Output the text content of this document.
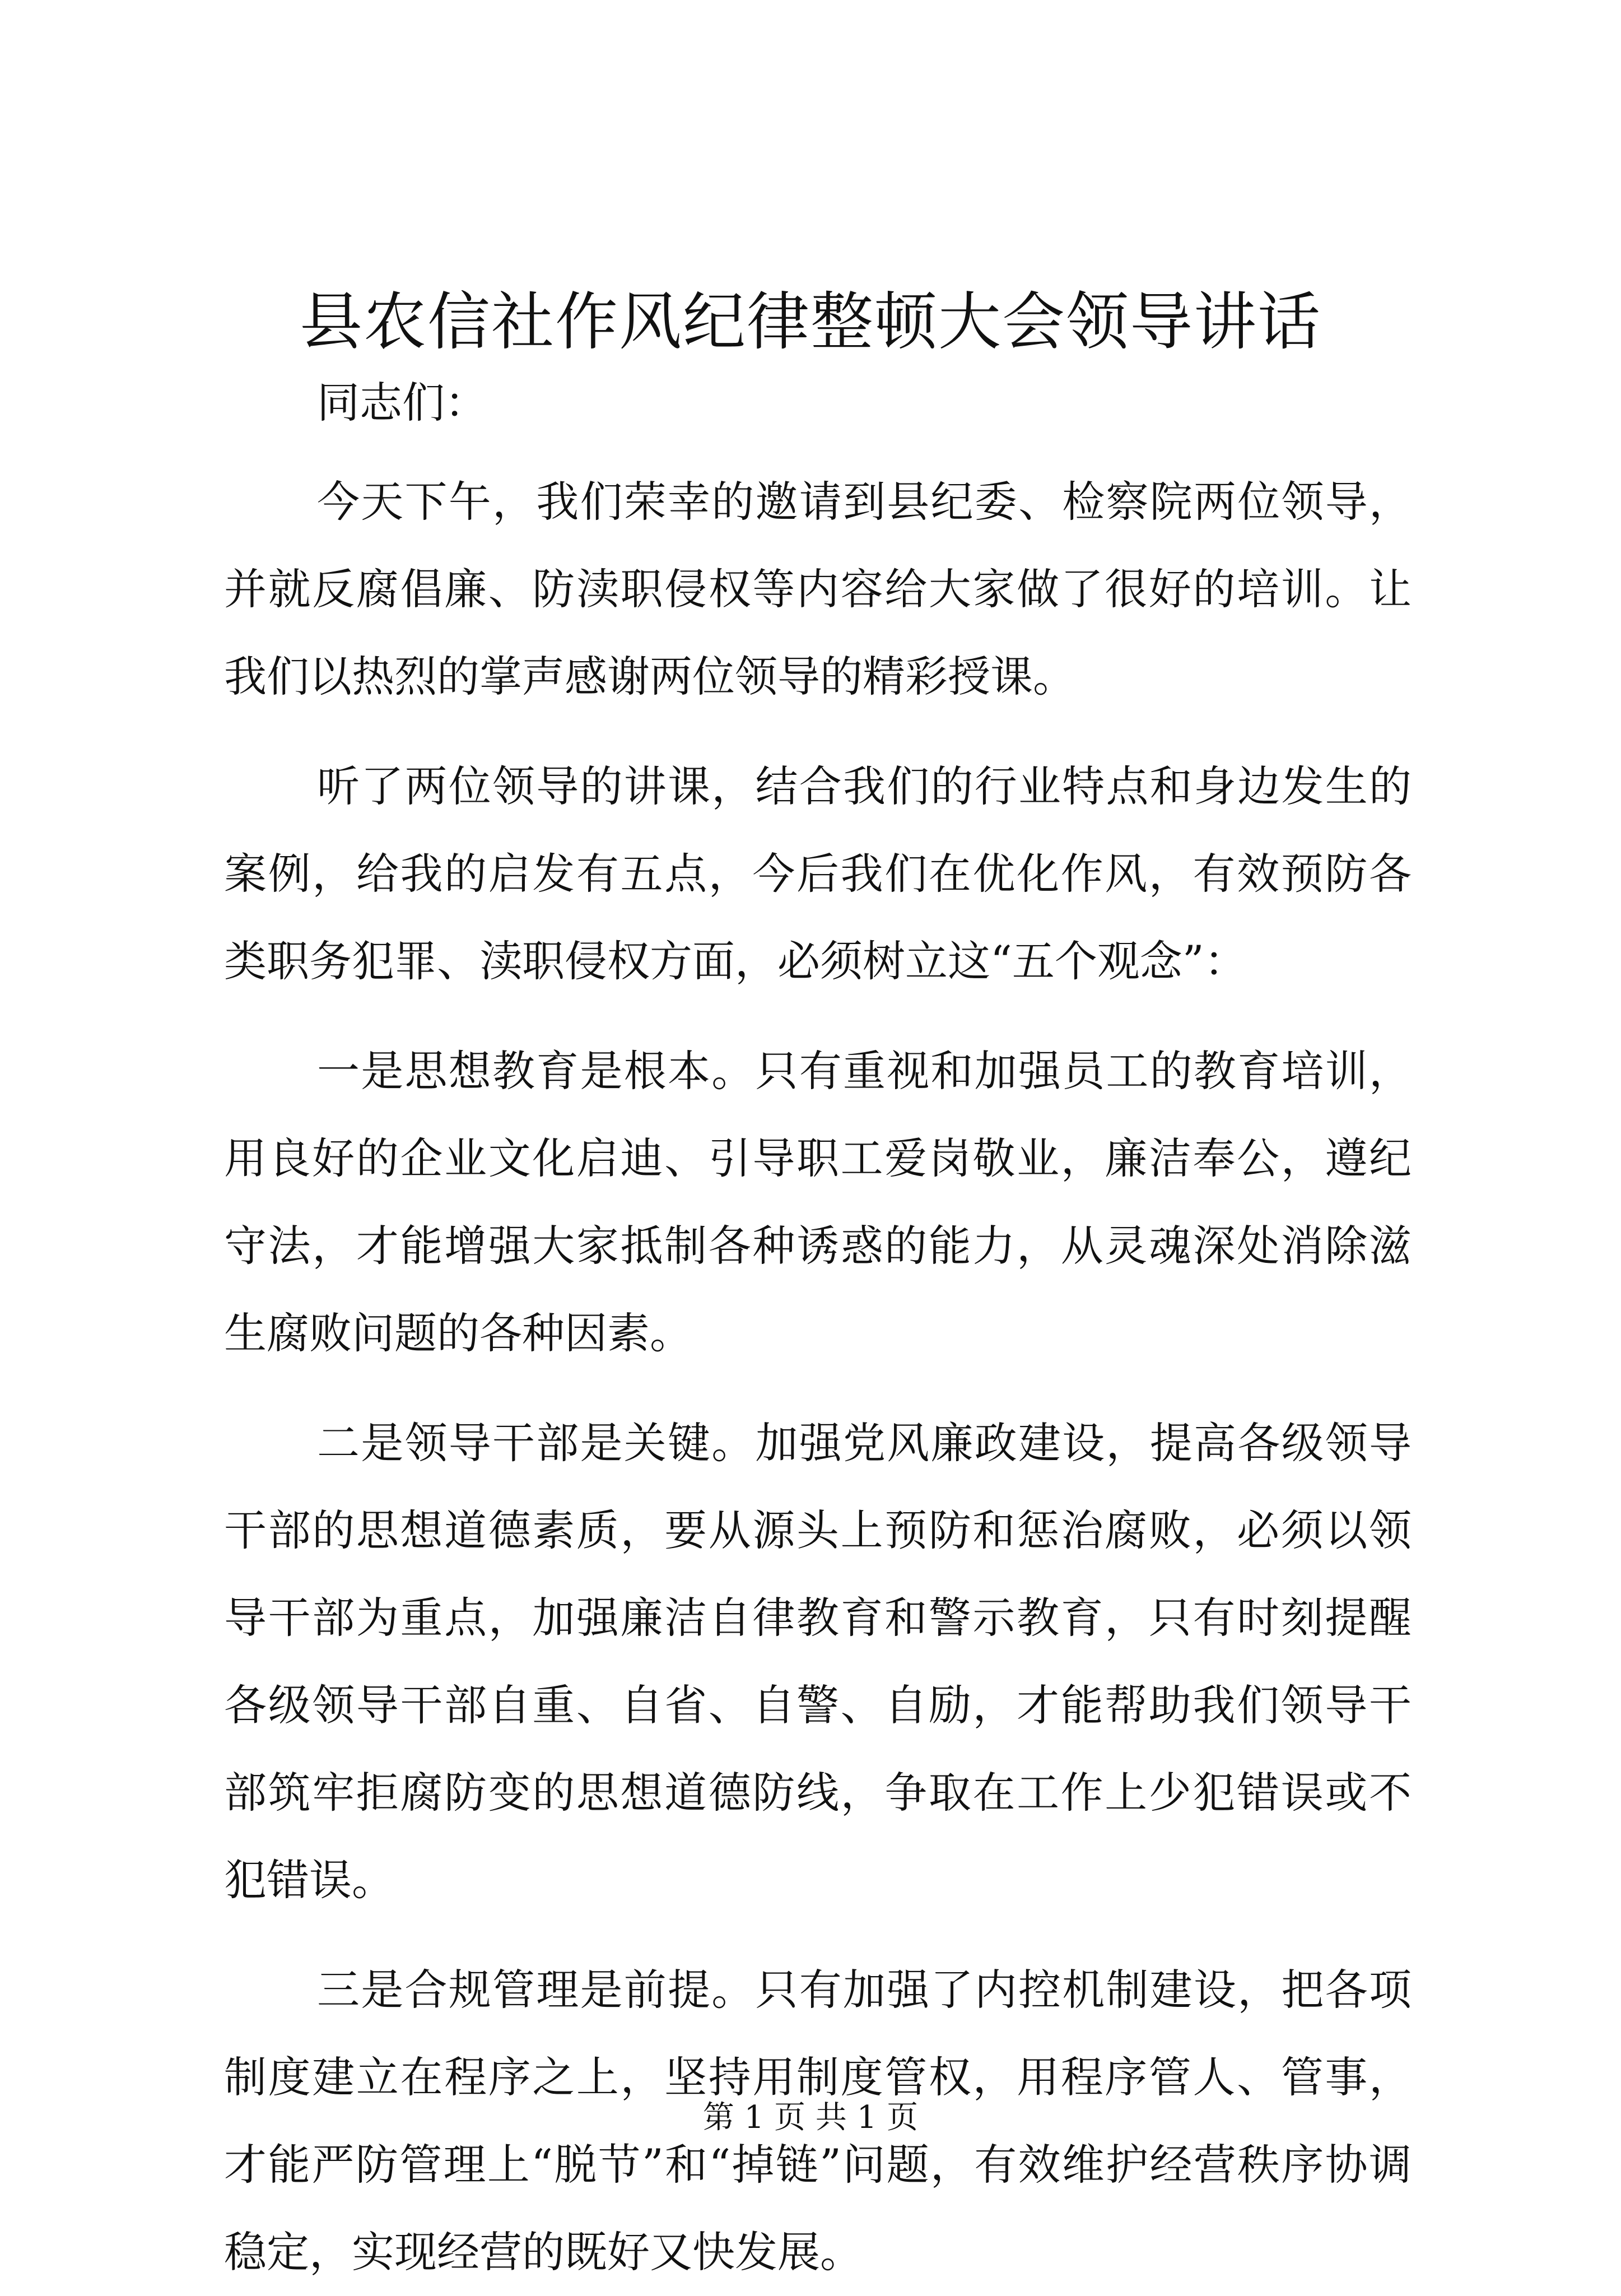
县农信社作风纪律整顿大会领导讲话

同志们：

今天下午，我们荣幸的邀请到县纪委、检察院两位领导，并就反腐倡廉、防渎职侵权等内容给大家做了很好的培训。让我们以热烈的掌声感谢两位领导的精彩授课。

听了两位领导的讲课，结合我们的行业特点和身边发生的案例，给我的启发有五点，今后我们在优化作风，有效预防各类职务犯罪、渎职侵权方面，必须树立这“五个观念”：

一是思想教育是根本。只有重视和加强员工的教育培训，用良好的企业文化启迪、引导职工爱岗敬业，廉洁奉公，遵纪守法，才能增强大家抵制各种诱惑的能力，从灵魂深处消除滋生腐败问题的各种因素。

二是领导干部是关键。加强党风廉政建设，提高各级领导干部的思想道德素质，要从源头上预防和惩治腐败，必须以领导干部为重点，加强廉洁自律教育和警示教育，只有时刻提醒各级领导干部自重、自省、自警、自励，才能帮助我们领导干部筑牢拒腐防变的思想道德防线，争取在工作上少犯错误或不犯错误。

三是合规管理是前提。只有加强了内控机制建设，把各项制度建立在程序之上，坚持用制度管权，用程序管人、管事，才能严防管理上“脱节”和“掉链”问题，有效维护经营秩序协调稳定，实现经营的既好又快发展。

第 1 页 共 1 页
